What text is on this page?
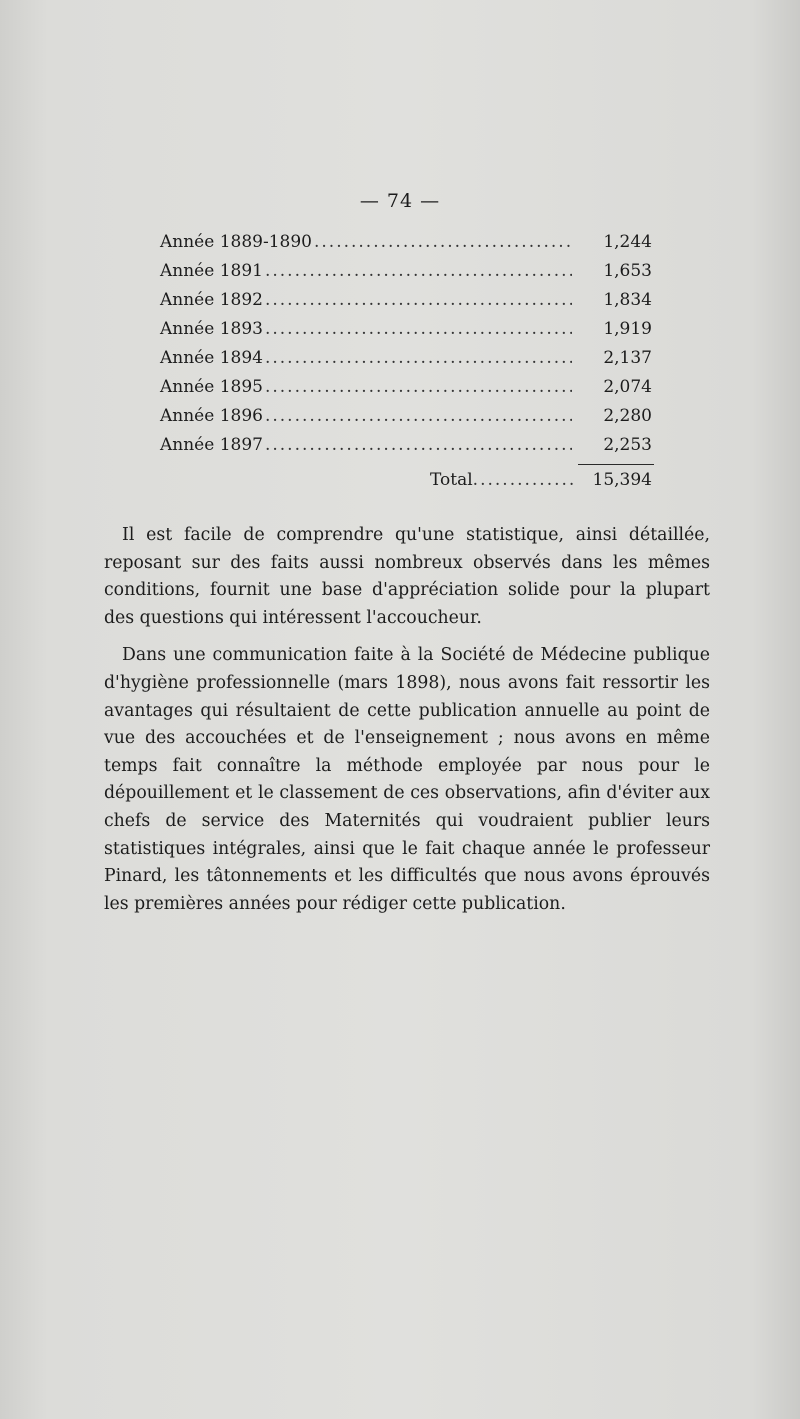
— 74 —
Année 1889-1890 .....	1,244
Année 1891 .....	1,653
Année 1892 .....	1,834
Année 1893 .....	1,919
Année 1894 .....	2,137
Année 1895 .....	2,074
Année 1896 .....	2,280
Année 1897 .....	2,253
Total .....	15,394

Il est facile de comprendre qu'une statistique, ainsi détaillée, reposant sur des faits aussi nombreux observés dans les mêmes conditions, fournit une base d'appréciation solide pour la plupart des questions qui intéressent l'accoucheur.

Dans une communication faite à la Société de Médecine publique d'hygiène professionnelle (mars 1898), nous avons fait ressortir les avantages qui résultaient de cette publication annuelle au point de vue des accouchées et de l'enseignement ; nous avons en même temps fait connaître la méthode employée par nous pour le dépouillement et le classement de ces observations, afin d'éviter aux chefs de service des Maternités qui voudraient publier leurs statistiques intégrales, ainsi que le fait chaque année le professeur Pinard, les tâtonnements et les difficultés que nous avons éprouvés les premières années pour rédiger cette publication.
